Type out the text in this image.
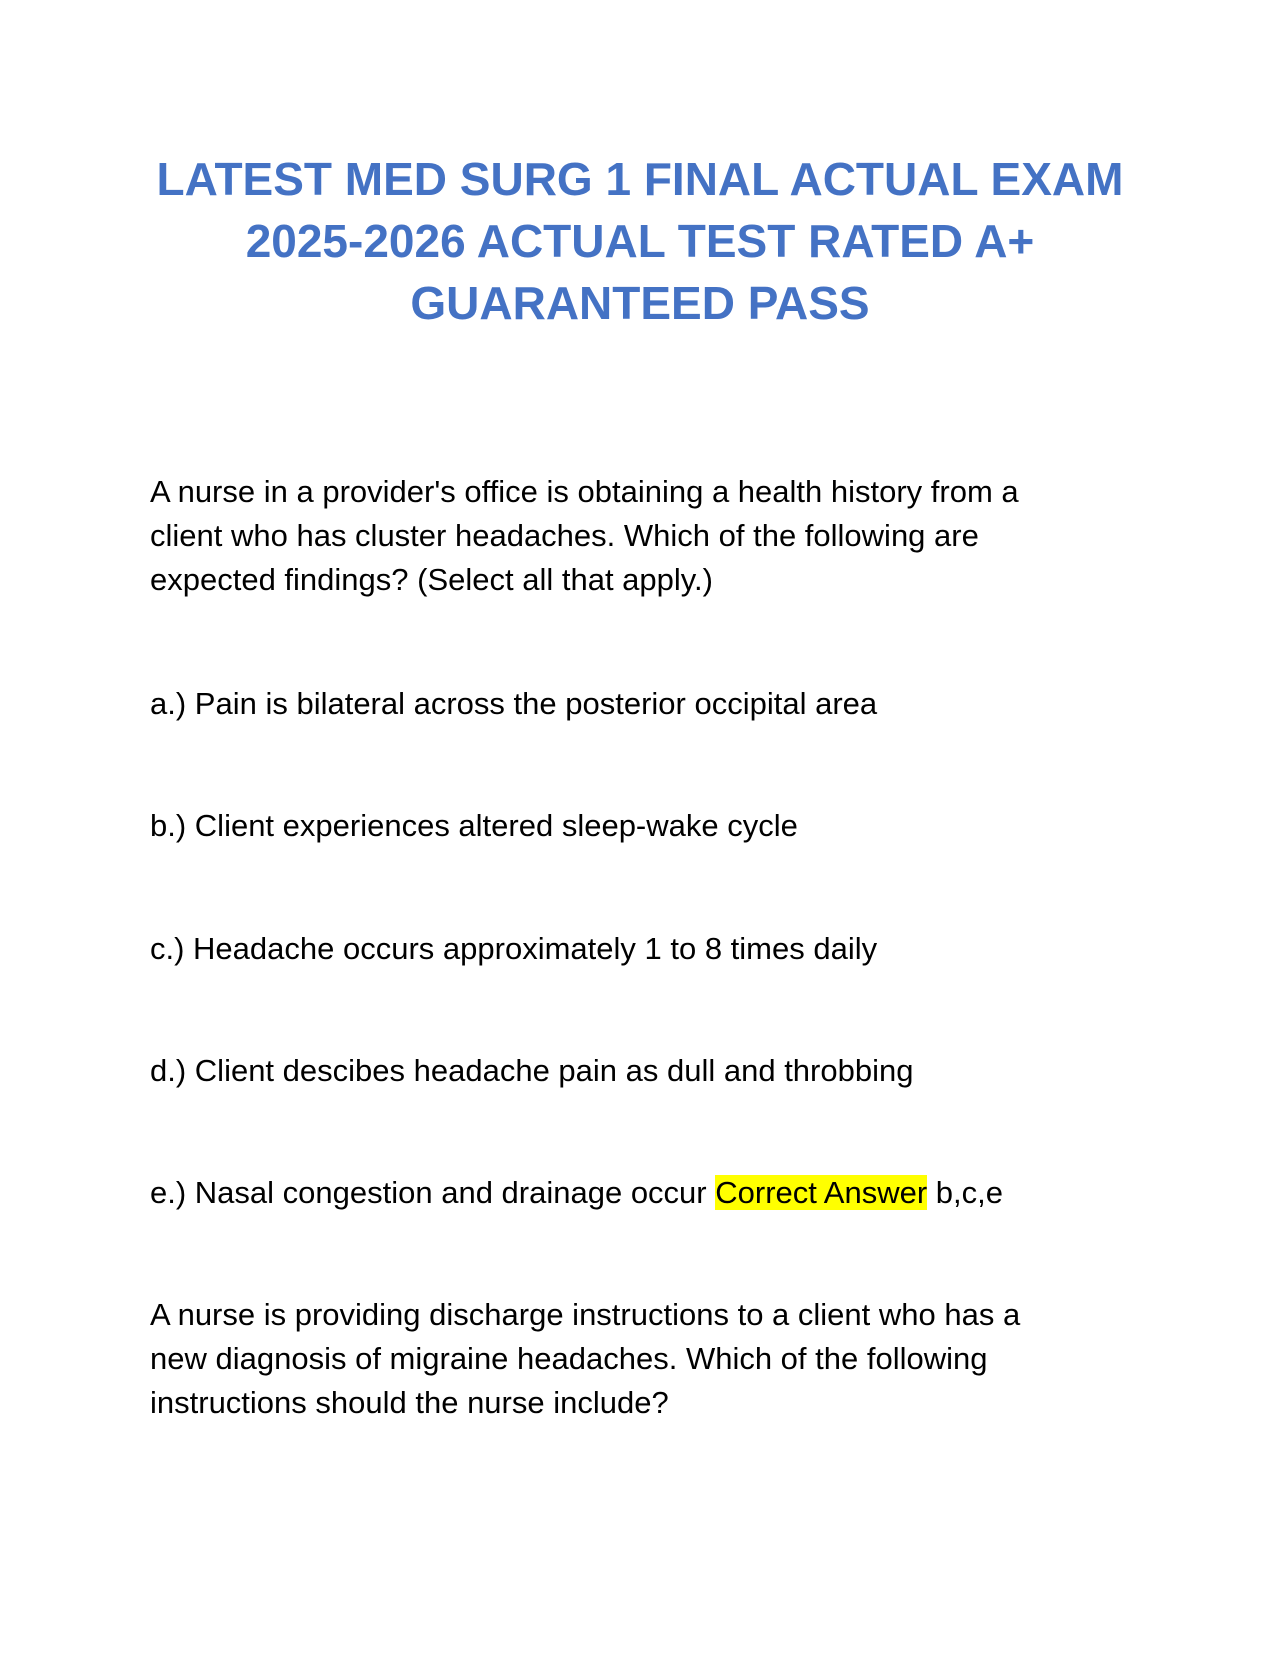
LATEST MED SURG 1 FINAL ACTUAL EXAM
2025-2026 ACTUAL TEST RATED A+
GUARANTEED PASS

A nurse in a provider's office is obtaining a health history from a
client who has cluster headaches. Which of the following are
expected findings? (Select all that apply.)

a.) Pain is bilateral across the posterior occipital area

b.) Client experiences altered sleep-wake cycle

c.) Headache occurs approximately 1 to 8 times daily

d.) Client descibes headache pain as dull and throbbing

e.) Nasal congestion and drainage occur Correct Answer b,c,e

A nurse is providing discharge instructions to a client who has a
new diagnosis of migraine headaches. Which of the following
instructions should the nurse include?
